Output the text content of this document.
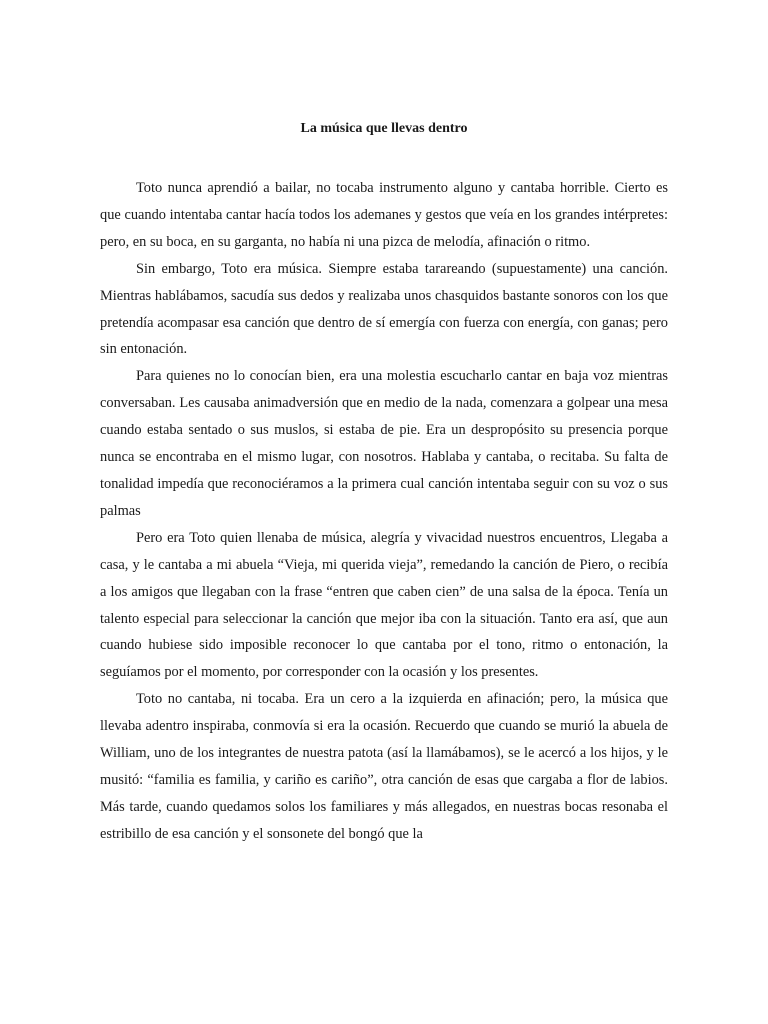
La música que llevas dentro

Toto nunca aprendió a bailar, no tocaba instrumento alguno y cantaba horrible. Cierto es que cuando intentaba cantar hacía todos los ademanes y gestos que veía en los grandes intérpretes: pero, en su boca, en su garganta, no había ni una pizca de melodía, afinación o ritmo.

Sin embargo, Toto era música. Siempre estaba tarareando (supuestamente) una canción. Mientras hablábamos, sacudía sus dedos y realizaba unos chasquidos bastante sonoros con los que pretendía acompasar esa canción que dentro de sí emergía con fuerza con energía, con ganas; pero sin entonación.

Para quienes no lo conocían bien, era una molestia escucharlo cantar en baja voz mientras conversaban. Les causaba animadversión que en medio de la nada, comenzara a golpear una mesa cuando estaba sentado o sus muslos, si estaba de pie. Era un despropósito su presencia porque nunca se encontraba en el mismo lugar, con nosotros. Hablaba y cantaba, o recitaba. Su falta de tonalidad impedía que reconociéramos a la primera cual canción intentaba seguir con su voz o sus palmas

Pero era Toto quien llenaba de música, alegría y vivacidad nuestros encuentros, Llegaba a casa, y le cantaba a mi abuela “Vieja, mi querida vieja”, remedando la canción de Piero, o recibía a los amigos que llegaban con la frase “entren que caben cien” de una salsa de la época. Tenía un talento especial para seleccionar la canción que mejor iba con la situación. Tanto era así, que aun cuando hubiese sido imposible reconocer lo que cantaba por el tono, ritmo o entonación, la seguíamos por el momento, por corresponder con la ocasión y los presentes.

Toto no cantaba, ni tocaba. Era un cero a la izquierda en afinación; pero, la música que llevaba adentro inspiraba, conmovía si era la ocasión. Recuerdo que cuando se murió la abuela de William, uno de los integrantes de nuestra patota (así la llamábamos), se le acercó a los hijos, y le musitó: “familia es familia, y cariño es cariño”, otra canción de esas que cargaba a flor de labios. Más tarde, cuando quedamos solos los familiares y más allegados, en nuestras bocas resonaba el estribillo de esa canción y el sonsonete del bongó que la
